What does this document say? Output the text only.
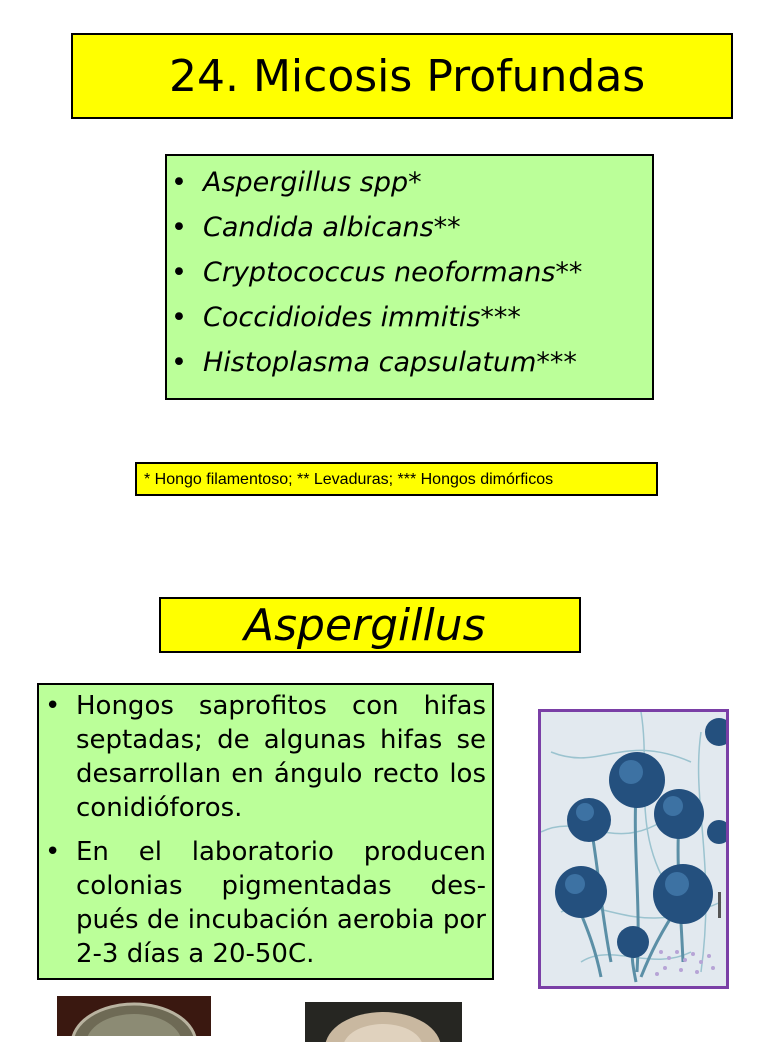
24. Micosis Profundas
• Aspergillus spp*
• Candida albicans**
• Cryptococcus neoformans**
• Coccidioides immitis***
• Histoplasma capsulatum***
* Hongo filamentoso; ** Levaduras; *** Hongos dimórficos
Aspergillus
• Hongos saprofitos con hifas septadas; de algunas hifas se desarrollan en ángulo recto los conidióforos.
• En el laboratorio producen colonias pigmentadas des-pués de incubación aerobia por 2-3 días a 20-50C.
